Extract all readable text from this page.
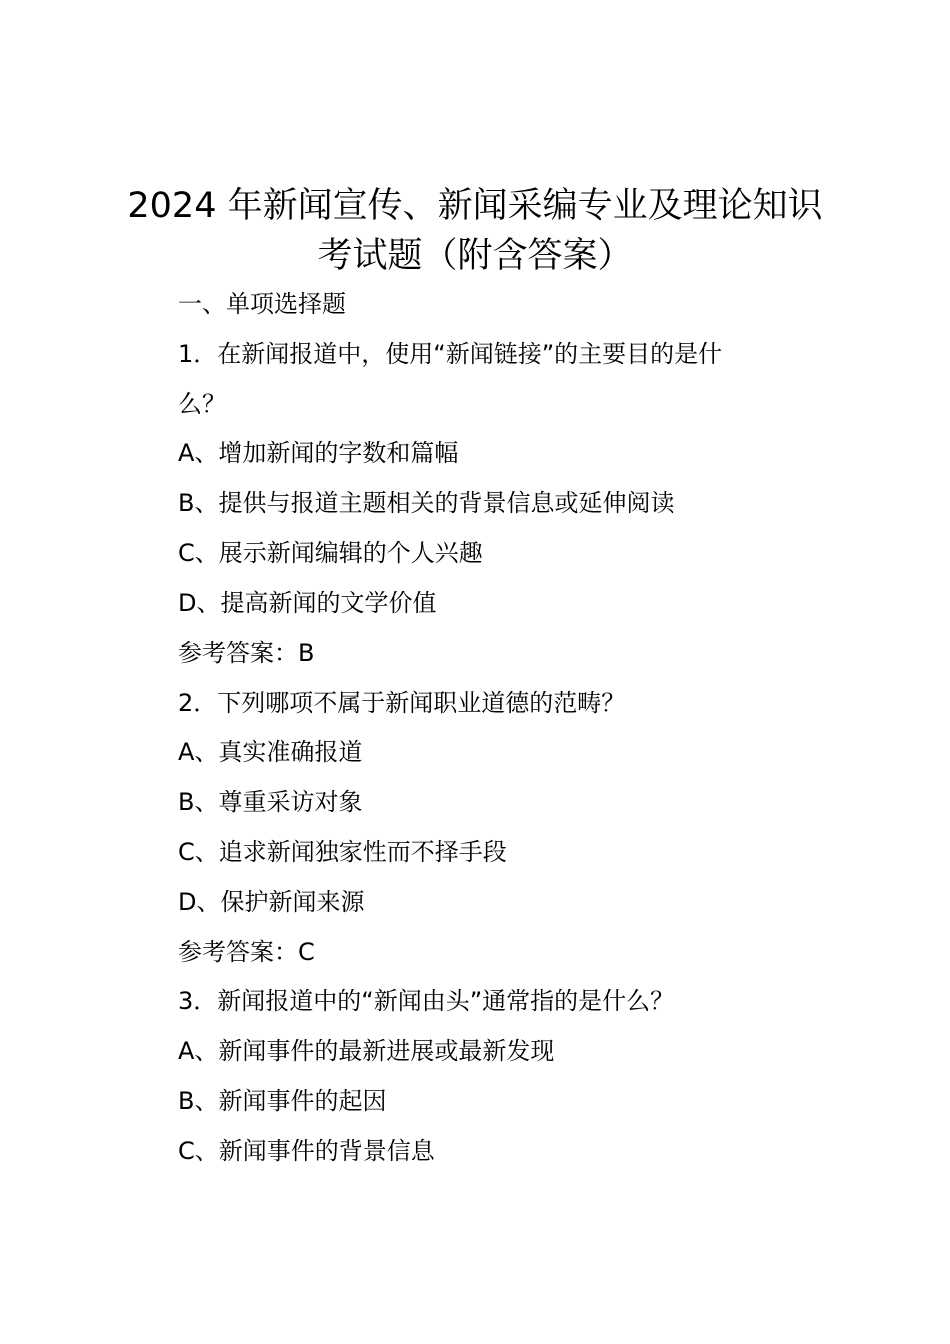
2024 年新闻宣传、新闻采编专业及理论知识
考试题（附含答案）
一、单项选择题
1．在新闻报道中，使用“新闻链接”的主要目的是什
么？
A、增加新闻的字数和篇幅
B、提供与报道主题相关的背景信息或延伸阅读
C、展示新闻编辑的个人兴趣
D、提高新闻的文学价值
参考答案：B
2．下列哪项不属于新闻职业道德的范畴？
A、真实准确报道
B、尊重采访对象
C、追求新闻独家性而不择手段
D、保护新闻来源
参考答案：C
3．新闻报道中的“新闻由头”通常指的是什么？
A、新闻事件的最新进展或最新发现
B、新闻事件的起因
C、新闻事件的背景信息
